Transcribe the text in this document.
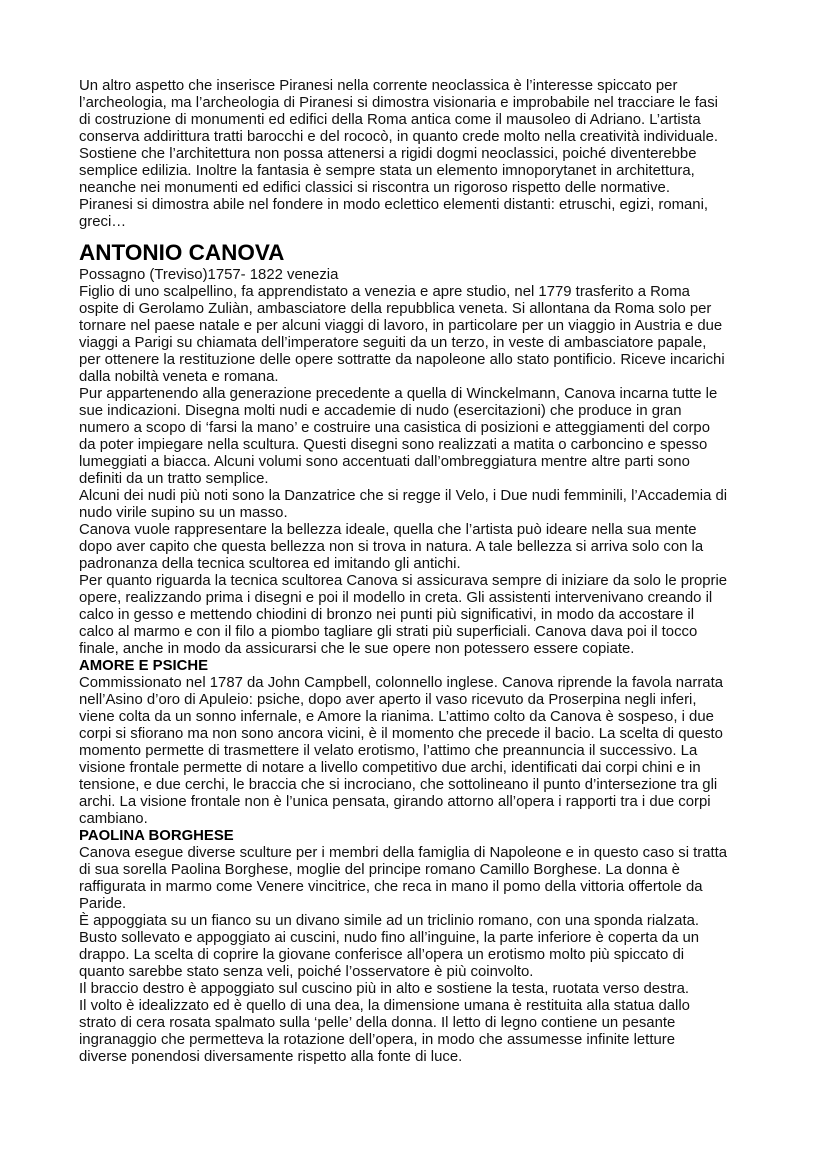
Un altro aspetto che inserisce Piranesi nella corrente neoclassica è l’interesse spiccato per
l’archeologia, ma l’archeologia di Piranesi si dimostra visionaria e improbabile nel tracciare le fasi
di costruzione di monumenti ed edifici della Roma antica come il mausoleo di Adriano. L’artista
conserva addirittura tratti barocchi e del rococò, in quanto crede molto nella creatività individuale.
Sostiene che l’architettura non possa attenersi a rigidi dogmi neoclassici, poiché diventerebbe
semplice edilizia. Inoltre la fantasia è sempre stata un elemento imnoporytanet in architettura,
neanche nei monumenti ed edifici classici si riscontra un rigoroso rispetto delle normative.
Piranesi si dimostra abile nel fondere in modo eclettico elementi distanti: etruschi, egizi, romani,
greci…

ANTONIO CANOVA

Possagno (Treviso)1757- 1822 venezia

Figlio di uno scalpellino, fa apprendistato a venezia e apre studio, nel 1779 trasferito a Roma
ospite di Gerolamo Zuliàn, ambasciatore della repubblica veneta. Si allontana da Roma solo per
tornare nel paese natale e per alcuni viaggi di lavoro, in particolare per un viaggio in Austria e due
viaggi a Parigi su chiamata dell’imperatore seguiti da un terzo, in veste di ambasciatore papale,
per ottenere la restituzione delle opere sottratte da napoleone allo stato pontificio. Riceve incarichi
dalla nobiltà veneta e romana.

Pur appartenendo alla generazione precedente a quella di Winckelmann, Canova incarna tutte le
sue indicazioni. Disegna molti nudi e accademie di nudo (esercitazioni) che produce in gran
numero a scopo di ‘farsi la mano’ e costruire una casistica di posizioni e atteggiamenti del corpo
da poter impiegare nella scultura. Questi disegni sono realizzati a matita o carboncino e spesso
lumeggiati a biacca. Alcuni volumi sono accentuati dall’ombreggiatura mentre altre parti sono
definiti da un tratto semplice.

Alcuni dei nudi più noti sono la Danzatrice che si regge il Velo, i Due nudi femminili, l’Accademia di
nudo virile supino su un masso.

Canova vuole rappresentare la bellezza ideale, quella che l’artista può ideare nella sua mente
dopo aver capito che questa bellezza non si trova in natura. A tale bellezza si arriva solo con la
padronanza della tecnica scultorea ed imitando gli antichi.

Per quanto riguarda la tecnica scultorea Canova si assicurava sempre di iniziare da solo le proprie
opere, realizzando prima i disegni e poi il modello in creta. Gli assistenti intervenivano creando il
calco in gesso e mettendo chiodini di bronzo nei punti più significativi, in modo da accostare il
calco al marmo e con il filo a piombo tagliare gli strati più superficiali. Canova dava poi il tocco
finale, anche in modo da assicurarsi che le sue opere non potessero essere copiate.

AMORE E PSICHE

Commissionato nel 1787 da John Campbell, colonnello inglese. Canova riprende la favola narrata
nell’Asino d’oro di Apuleio: psiche, dopo aver aperto il vaso ricevuto da Proserpina negli inferi,
viene colta da un sonno infernale, e Amore la rianima. L’attimo colto da Canova è sospeso, i due
corpi si sfiorano ma non sono ancora vicini, è il momento che precede il bacio. La scelta di questo
momento permette di trasmettere il velato erotismo, l’attimo che preannuncia il successivo. La
visione frontale permette di notare a livello competitivo due archi, identificati dai corpi chini e in
tensione, e due cerchi, le braccia che si incrociano, che sottolineano il punto d’intersezione tra gli
archi. La visione frontale non è l’unica pensata, girando attorno all’opera i rapporti tra i due corpi
cambiano.

PAOLINA BORGHESE

Canova esegue diverse sculture per i membri della famiglia di Napoleone e in questo caso si tratta
di sua sorella Paolina Borghese, moglie del principe romano Camillo Borghese. La donna è
raffigurata in marmo come Venere vincitrice, che reca in mano il pomo della vittoria offertole da
Paride.

È appoggiata su un fianco su un divano simile ad un triclinio romano, con una sponda rialzata.
Busto sollevato e appoggiato ai cuscini, nudo fino all’inguine, la parte inferiore è coperta da un
drappo. La scelta di coprire la giovane conferisce all’opera un erotismo molto più spiccato di
quanto sarebbe stato senza veli, poiché l’osservatore è più coinvolto.

Il braccio destro è appoggiato sul cuscino più in alto e sostiene la testa, ruotata verso destra.
Il volto è idealizzato ed è quello di una dea, la dimensione umana è restituita alla statua dallo
strato di cera rosata spalmato sulla ‘pelle’ della donna. Il letto di legno contiene un pesante
ingranaggio che permetteva la rotazione dell’opera, in modo che assumesse infinite letture
diverse ponendosi diversamente rispetto alla fonte di luce.
